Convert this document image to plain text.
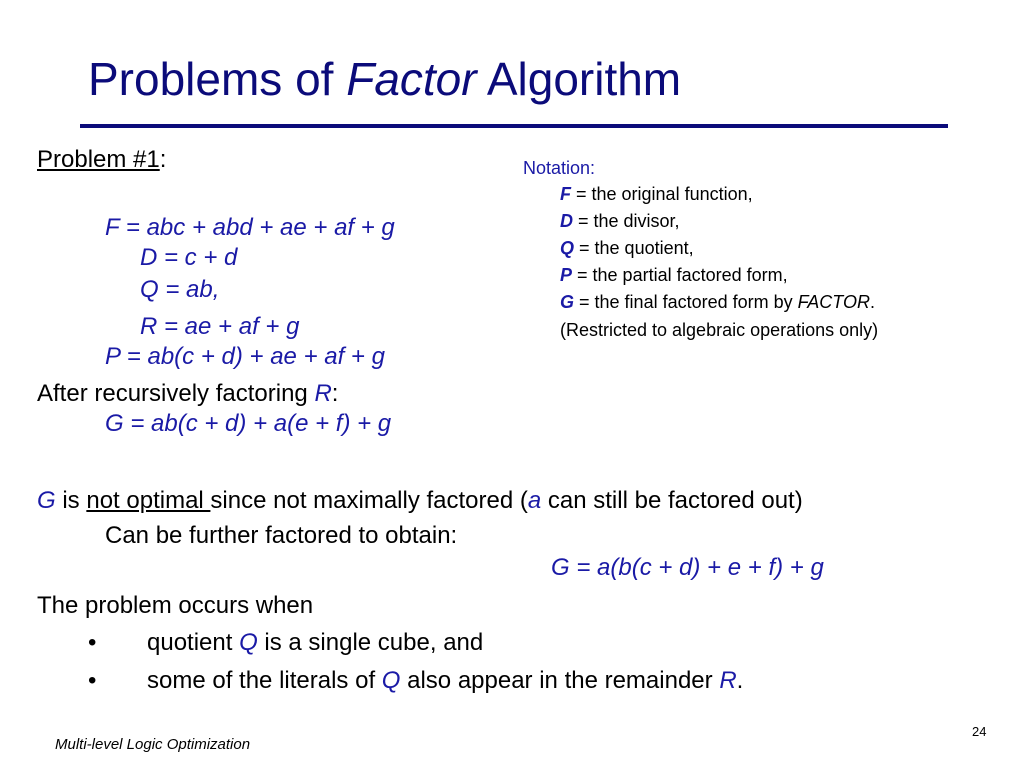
Problems of Factor Algorithm
Problem #1:
F = abc + abd + ae + af + g
D = c + d
Q = ab,
R = ae + af + g
P = ab(c + d) + ae + af + g
After recursively factoring R:
G = ab(c + d) + a(e + f) + g
G is not optimal since not maximally factored (a can still be factored out)
Can be further factored to obtain:
G = a(b(c + d) + e + f) + g
The problem occurs when
• quotient Q is a single cube, and
• some of the literals of Q also appear in the remainder R.
Notation:
F = the original function,
D = the divisor,
Q = the quotient,
P = the partial factored form,
G = the final factored form by FACTOR.
(Restricted to algebraic operations only)
Multi-level Logic Optimization
24
